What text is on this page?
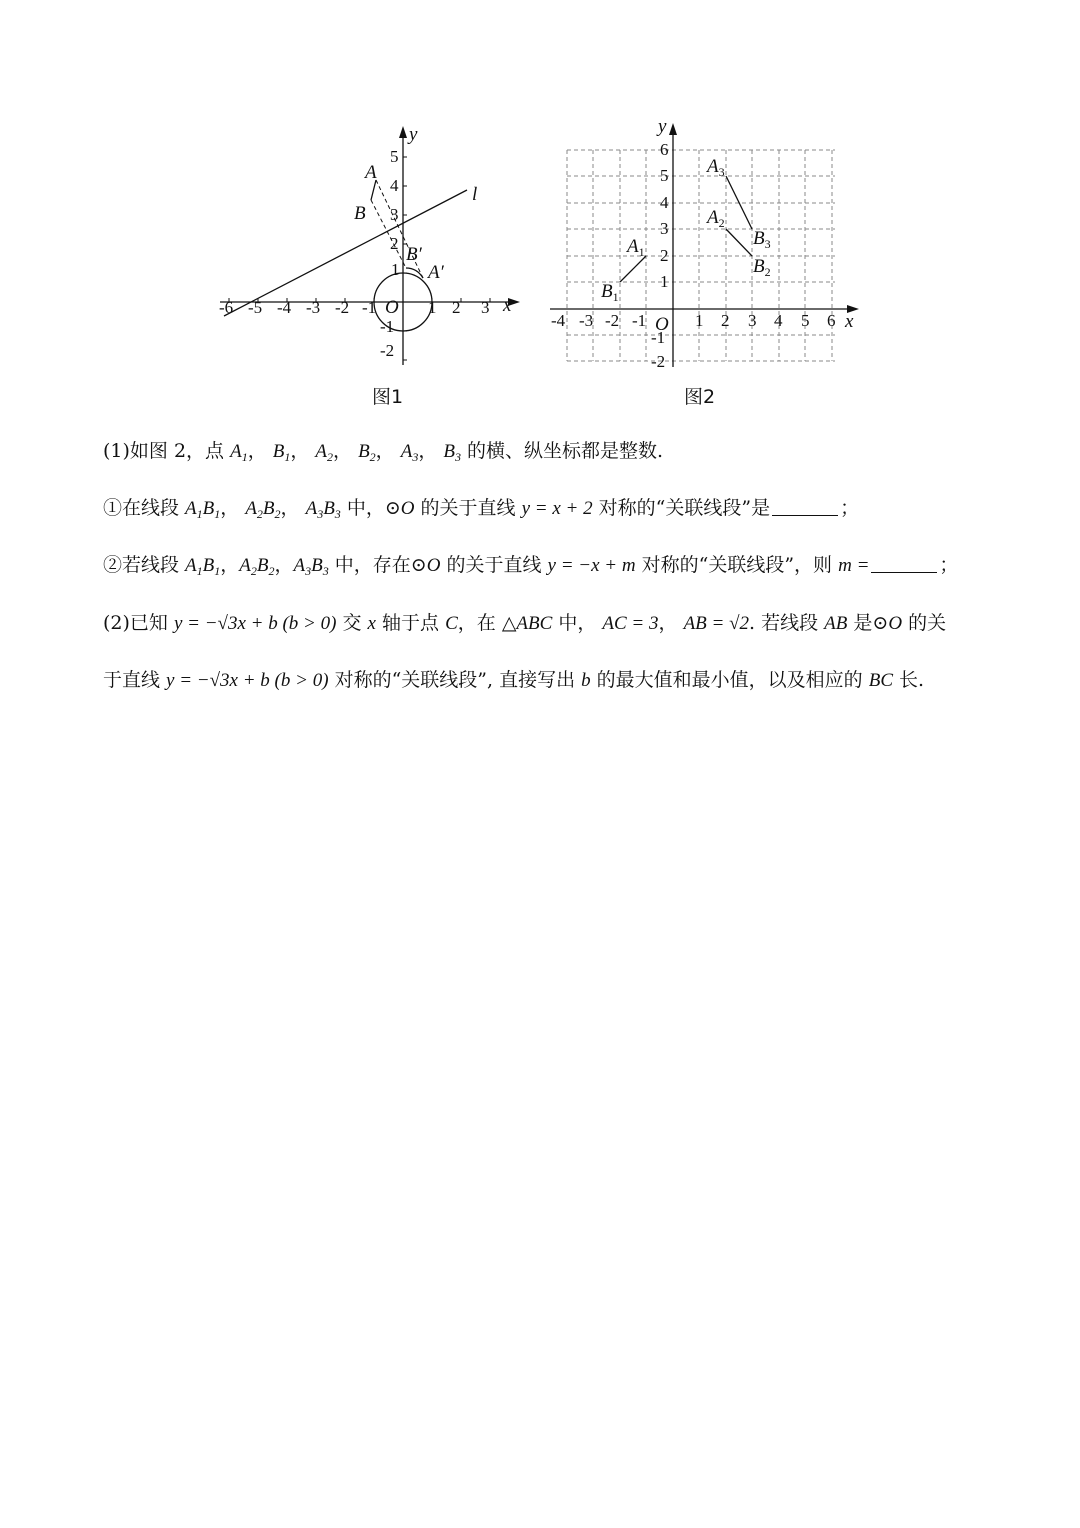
-6 -5 -4 -3 -2 -1	1 2 3
5
4
3
2
1
-1
-2
x
y
O
l
A
B
B′
A′
图1
-4 -3 -2 -1	1 2 3 4 5 6
6
5
4
3
2
1
-1
-2
x
y
O
$A_1$
$B_1$
$A_2$
$B_2$
$A_3$
$B_3$
图2
(1)如图 2，点 $A_1$， $B_1$， $A_2$， $B_2$， $A_3$， $B_3$ 的横、纵坐标都是整数.
①在线段 $A_1B_1$， $A_2B_2$， $A_3B_3$ 中，⊙O 的关于直线 y = x + 2 对称的“关联线段”是	；
②若线段 $A_1B_1$，$A_2B_2$，$A_3B_3$ 中，存在⊙O 的关于直线 y = −x + m 对称的“关联线段”，则 m =	；
(2)已知 y = −√3x + b (b > 0) 交 x 轴于点 C，在 △ABC 中， AC = 3， AB = √2. 若线段 AB 是⊙O 的关
于直线 y = −√3x + b (b > 0) 对称的“关联线段”, 直接写出 b 的最大值和最小值，以及相应的 BC 长.
